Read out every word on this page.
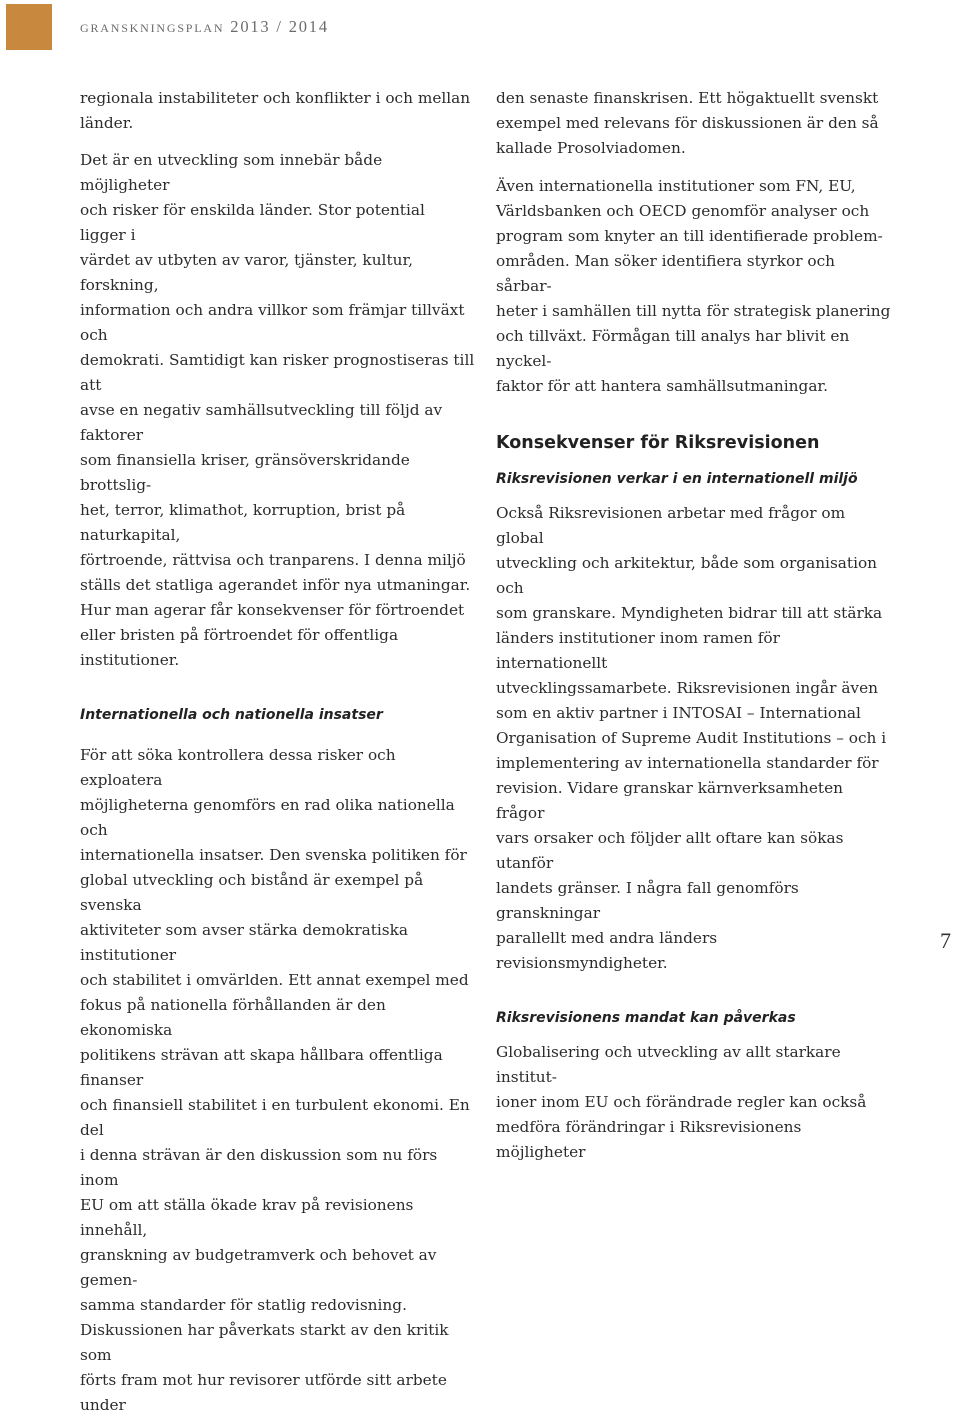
granskningsplan 2013 / 2014

regionala instabiliteter och konflikter i och mellan
länder.

Det är en utveckling som innebär både möjligheter
och risker för enskilda länder. Stor potential ligger i
värdet av utbyten av varor, tjänster, kultur, forskning,
information och andra villkor som främjar tillväxt och
demokrati. Samtidigt kan risker prognostiseras till att
avse en negativ samhällsutveckling till följd av faktorer
som finansiella kriser, gränsöverskridande brottslig-
het, terror, klimathot, korruption, brist på naturkapital,
förtroende, rättvisa och tranparens. I denna miljö
ställs det statliga agerandet inför nya utmaningar.
Hur man agerar får konsekvenser för förtroendet
eller bristen på förtroendet för offentliga institutioner.

Internationella och nationella insatser

För att söka kontrollera dessa risker och exploatera
möjligheterna genomförs en rad olika nationella och
internationella insatser. Den svenska politiken för
global utveckling och bistånd är exempel på svenska
aktiviteter som avser stärka demokratiska institutioner
och stabilitet i omvärlden. Ett annat exempel med
fokus på nationella förhållanden är den ekonomiska
politikens strävan att skapa hållbara offentliga finanser
och finansiell stabilitet i en turbulent ekonomi. En del
i denna strävan är den diskussion som nu förs inom
EU om att ställa ökade krav på revisionens innehåll,
granskning av budgetramverk och behovet av gemen-
samma standarder för statlig redovisning.
Diskussionen har påverkats starkt av den kritik som
förts fram mot hur revisorer utförde sitt arbete under

den senaste finanskrisen. Ett högaktuellt svenskt
exempel med relevans för diskussionen är den så
kallade Prosolviadomen.

Även internationella institutioner som FN, EU,
Världsbanken och OECD genomför analyser och
program som knyter an till identifierade problem-
områden. Man söker identifiera styrkor och sårbar-
heter i samhällen till nytta för strategisk planering
och tillväxt. Förmågan till analys har blivit en nyckel-
faktor för att hantera samhällsutmaningar.

Konsekvenser för Riksrevisionen

Riksrevisionen verkar i en internationell miljö

Också Riksrevisionen arbetar med frågor om global
utveckling och arkitektur, både som organisation och
som granskare. Myndigheten bidrar till att stärka
länders institutioner inom ramen för internationellt
utvecklingssamarbete. Riksrevisionen ingår även
som en aktiv partner i INTOSAI – International
Organisation of Supreme Audit Institutions – och i
implementering av internationella standarder för
revision. Vidare granskar kärnverksamheten frågor
vars orsaker och följder allt oftare kan sökas utanför
landets gränser. I några fall genomförs granskningar
parallellt med andra länders revisionsmyndigheter.

Riksrevisionens mandat kan påverkas

Globalisering och utveckling av allt starkare institut-
ioner inom EU och förändrade regler kan också
medföra förändringar i Riksrevisionens möjligheter

7
